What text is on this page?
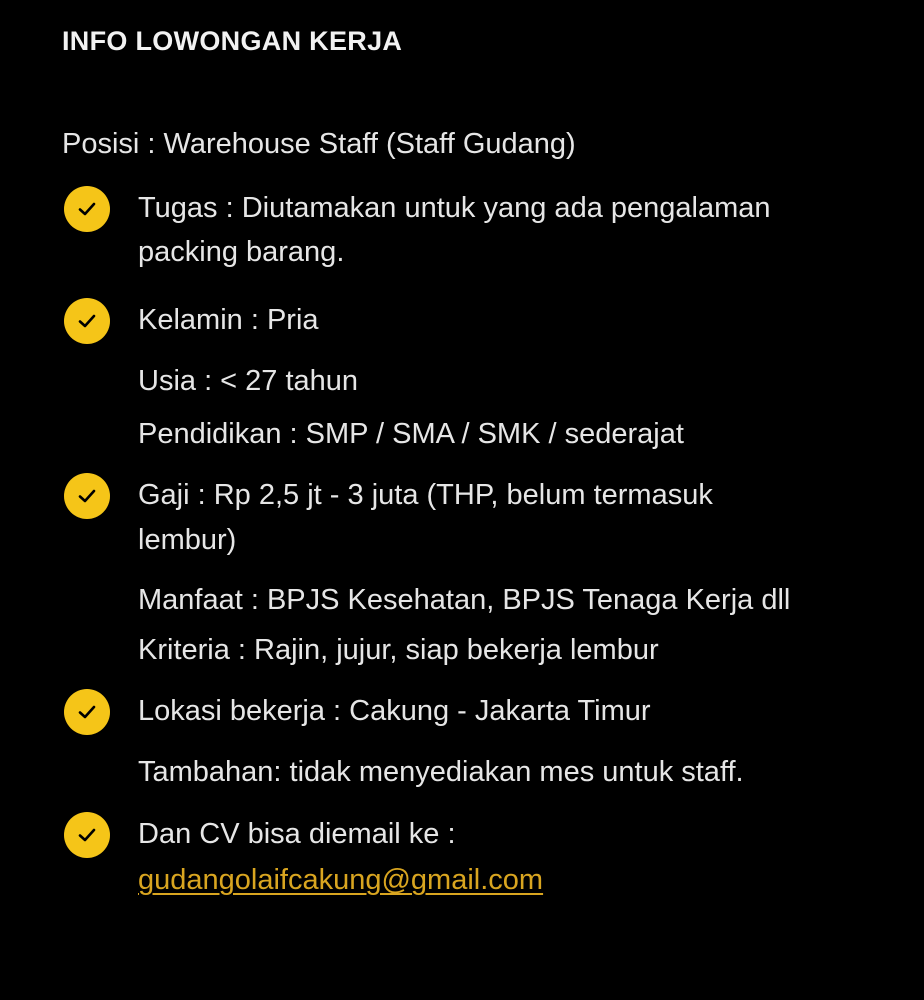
INFO LOWONGAN KERJA
Posisi : Warehouse Staff (Staff Gudang)
Tugas : Diutamakan untuk yang ada pengalaman
packing barang.
Kelamin : Pria
Usia : < 27 tahun
Pendidikan : SMP / SMA / SMK / sederajat
Gaji : Rp 2,5 jt - 3 juta (THP, belum termasuk
lembur)
Manfaat : BPJS Kesehatan, BPJS Tenaga Kerja dll
Kriteria : Rajin, jujur, siap bekerja lembur
Lokasi bekerja : Cakung - Jakarta Timur
Tambahan: tidak menyediakan mes untuk staff.
Dan CV bisa diemail ke :
gudangolaifcakung@gmail.com
